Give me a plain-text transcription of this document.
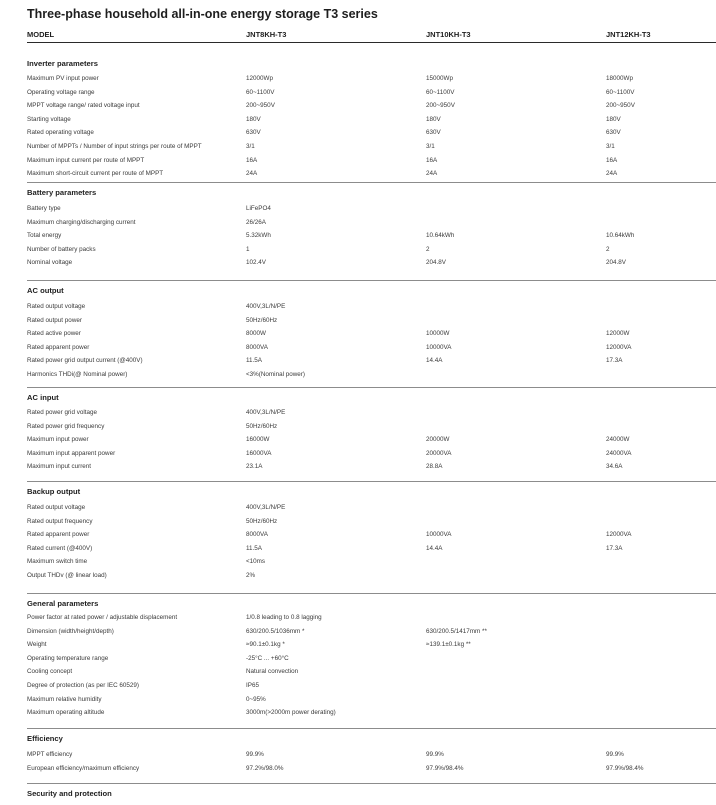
Three-phase household all-in-one energy storage T3 series
MODEL	JNT8KH-T3	JNT10KH-T3	JNT12KH-T3
Inverter parameters
Maximum PV input power	12000Wp	15000Wp	18000Wp
Operating voltage range	60~1100V	60~1100V	60~1100V
MPPT voltage range/ rated voltage input	200~950V	200~950V	200~950V
Starting voltage	180V	180V	180V
Rated operating voltage	630V	630V	630V
Number of MPPTs / Number of input strings per route of MPPT	3/1	3/1	3/1
Maximum input current per route of MPPT	16A	16A	16A
Maximum short-circuit current per route of MPPT	24A	24A	24A
Battery parameters
Battery type	LiFePO4
Maximum charging/discharging current	26/26A
Total energy	5.32kWh	10.64kWh	10.64kWh
Number of battery packs	1	2	2
Nominal voltage	102.4V	204.8V	204.8V
AC output
Rated output voltage	400V,3L/N/PE
Rated output power	50Hz/60Hz
Rated active power	8000W	10000W	12000W
Rated apparent power	8000VA	10000VA	12000VA
Rated power grid output current (@400V)	11.5A	14.4A	17.3A
Harmonics THDi(@ Nominal power)	<3%(Nominal power)
AC input
Rated power grid voltage	400V,3L/N/PE
Rated power grid frequency	50Hz/60Hz
Maximum input power	16000W	20000W	24000W
Maximum input apparent power	16000VA	20000VA	24000VA
Maximum input current	23.1A	28.8A	34.6A
Backup output
Rated output voltage	400V,3L/N/PE
Rated output frequency	50Hz/60Hz
Rated apparent power	8000VA	10000VA	12000VA
Rated current (@400V)	11.5A	14.4A	17.3A
Maximum switch time	<10ms
Output THDv (@ linear load)	2%
General parameters
Power factor at rated power / adjustable displacement	1/0.8 leading to 0.8 lagging
Dimension (width/height/depth)	630/200.5/1036mm *	630/200.5/1417mm **
Weight	≈90.1±0.1kg *	≈139.1±0.1kg **
Operating temperature range	-25°C ... +60°C
Cooling concept	Natural convection
Degree of protection (as per IEC 60529)	IP65
Maximum relative humidity	0~95%
Maximum operating altitude	3000m(>2000m power derating)
Efficiency
MPPT efficiency	99.9%	99.9%	99.9%
European efficiency/maximum efficiency	97.2%/98.0%	97.9%/98.4%	97.9%/98.4%
Security and protection
